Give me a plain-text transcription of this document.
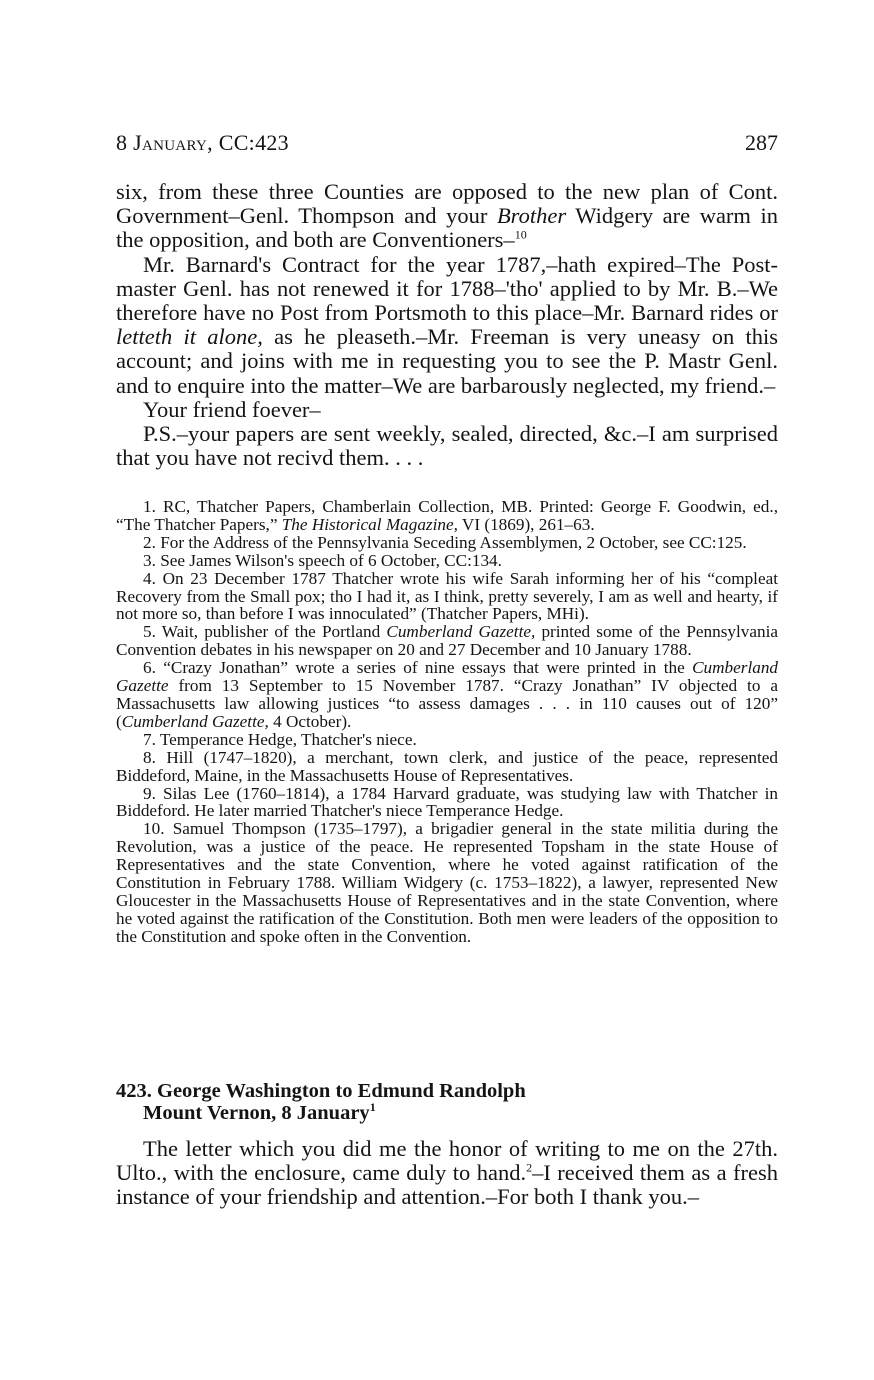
8 January, CC:423	287

six, from these three Counties are opposed to the new plan of Cont. Government–Genl. Thompson and your Brother Widgery are warm in the opposition, and both are Conventioners–$^{10}$

Mr. Barnard's Contract for the year 1787,–hath expired–The Post-master Genl. has not renewed it for 1788–'tho' applied to by Mr. B.–We therefore have no Post from Portsmoth to this place–Mr. Barnard rides or letteth it alone, as he pleaseth.–Mr. Freeman is very uneasy on this account; and joins with me in requesting you to see the P. Mastr Genl. and to enquire into the matter–We are barbarously neglected, my friend.–

Your friend foever–

P.S.–your papers are sent weekly, sealed, directed, &c.–I am surprised that you have not recivd them. . . .

1. RC, Thatcher Papers, Chamberlain Collection, MB. Printed: George F. Goodwin, ed., “The Thatcher Papers,” The Historical Magazine, VI (1869), 261–63.

2. For the Address of the Pennsylvania Seceding Assemblymen, 2 October, see CC:125.

3. See James Wilson's speech of 6 October, CC:134.

4. On 23 December 1787 Thatcher wrote his wife Sarah informing her of his “compleat Recovery from the Small pox; tho I had it, as I think, pretty severely, I am as well and hearty, if not more so, than before I was innoculated” (Thatcher Papers, MHi).

5. Wait, publisher of the Portland Cumberland Gazette, printed some of the Pennsylvania Convention debates in his newspaper on 20 and 27 December and 10 January 1788.

6. “Crazy Jonathan” wrote a series of nine essays that were printed in the Cumberland Gazette from 13 September to 15 November 1787. “Crazy Jonathan” IV objected to a Massachusetts law allowing justices “to assess damages . . . in 110 causes out of 120” (Cumberland Gazette, 4 October).

7. Temperance Hedge, Thatcher's niece.

8. Hill (1747–1820), a merchant, town clerk, and justice of the peace, represented Biddeford, Maine, in the Massachusetts House of Representatives.

9. Silas Lee (1760–1814), a 1784 Harvard graduate, was studying law with Thatcher in Biddeford. He later married Thatcher's niece Temperance Hedge.

10. Samuel Thompson (1735–1797), a brigadier general in the state militia during the Revolution, was a justice of the peace. He represented Topsham in the state House of Representatives and the state Convention, where he voted against ratification of the Constitution in February 1788. William Widgery (c. 1753–1822), a lawyer, represented New Gloucester in the Massachusetts House of Representatives and in the state Convention, where he voted against the ratification of the Constitution. Both men were leaders of the opposition to the Constitution and spoke often in the Convention.

423. George Washington to Edmund Randolph
Mount Vernon, 8 January$^1$

The letter which you did me the honor of writing to me on the 27th. Ulto., with the enclosure, came duly to hand.$^2$–I received them as a fresh instance of your friendship and attention.–For both I thank you.–
